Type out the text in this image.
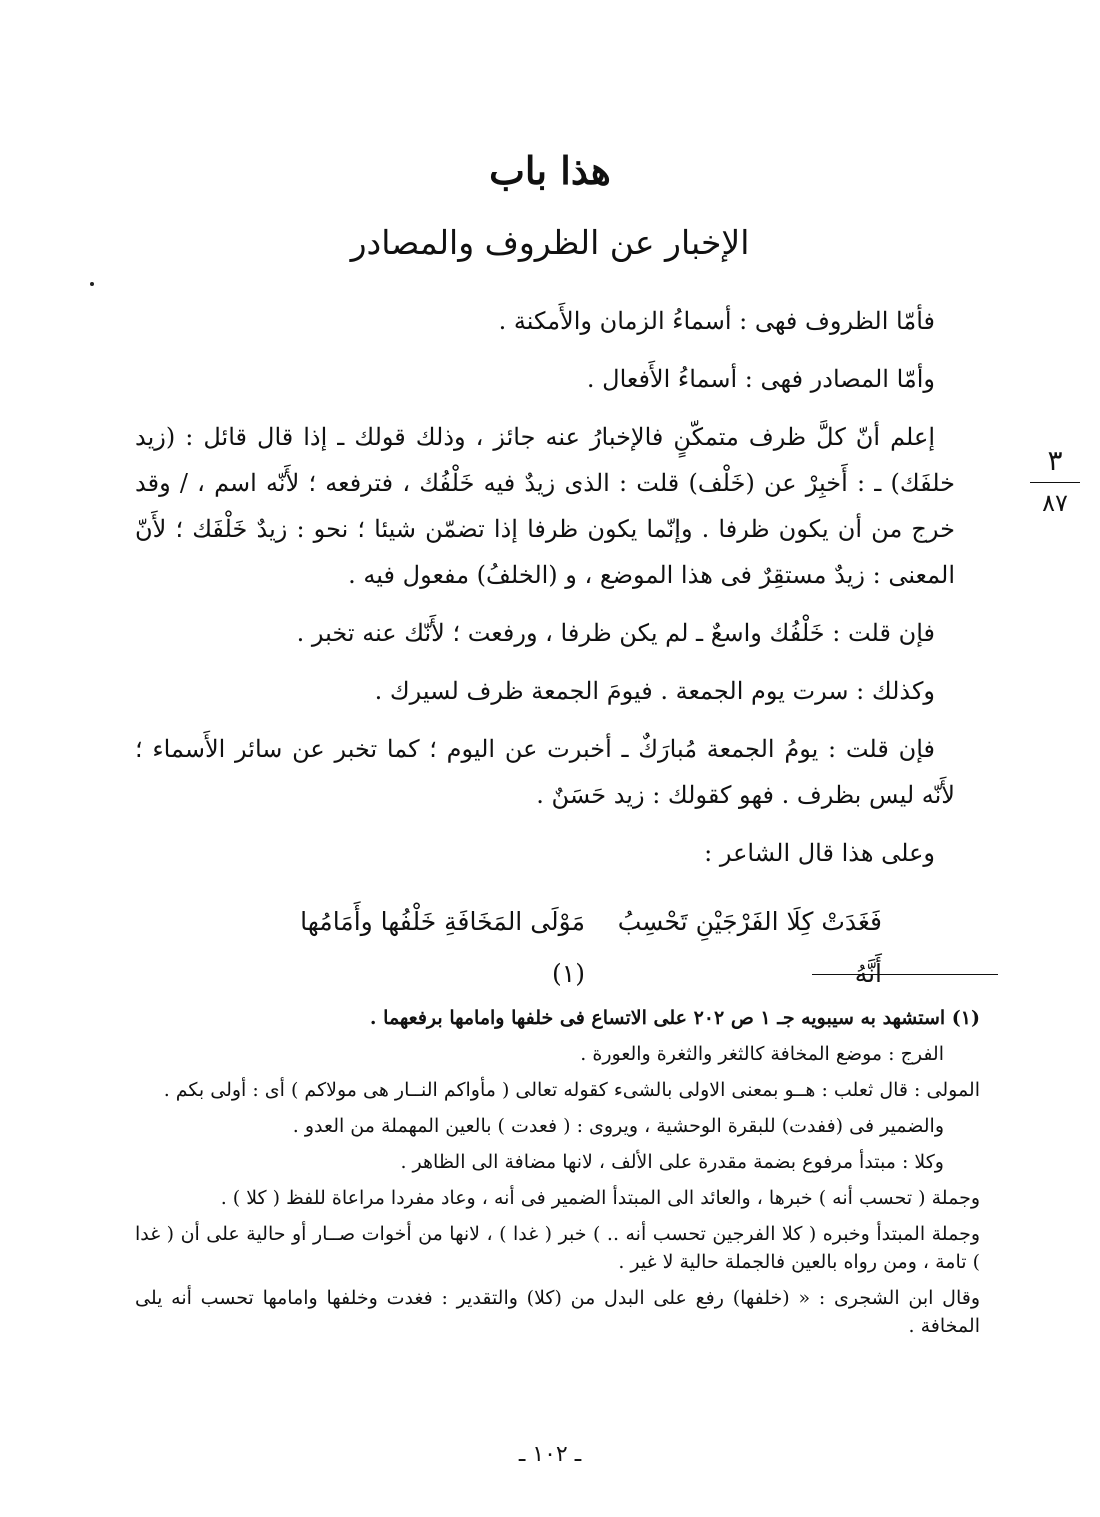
هذا باب
الإخبار عن الظروف والمصادر
٣
٨٧

فأمّا الظروف فهى : أسماءُ الزمان والأَمكنة .

وأمّا المصادر فهى : أسماءُ الأَفعال .

إعلم أنّ كلَّ ظرف متمكّنٍ فالإخبارُ عنه جائز ، وذلك قولك ـ إذا قال قائل : (زيد خلفَك) ـ : أَخبِرْ عن (خَلْف) قلت : الذى زيدٌ فيه خَلْفُك ، فترفعه ؛ لأَنّه اسم ، / وقد خرج من أن يكون ظرفا . وإنّما يكون ظرفا إذا تضمّن شيئا ؛ نحو : زيدٌ خَلْفَك ؛ لأَنّ المعنى : زيدٌ مستقِرٌ فى هذا الموضع ، و (الخلفُ) مفعول فيه .

فإن قلت : خَلْفُك واسعٌ ـ لم يكن ظرفا ، ورفعت ؛ لأَنّك عنه تخبر .

وكذلك : سرت يوم الجمعة . فيومَ الجمعة ظرف لسيرك .

فإن قلت : يومُ الجمعة مُبارَكٌ ـ أخبرت عن اليوم ؛ كما تخبر عن سائر الأَسماء ؛ لأَنّه ليس بظرف . فهو كقولك : زيد حَسَنٌ .

وعلى هذا قال الشاعر :

فَغَدَتْ كِلَا الفَرْجَيْنِ تَحْسِبُ أَنَّهُ
مَوْلَى المَخَافَةِ خَلْفُها وأَمَامُها (١)

(١) استشهد به سيبويه جـ ١ ص ٢٠٢ على الاتساع فى خلفها وامامها برفعهما .

الفرج : موضع المخافة كالثغر والثغرة والعورة .

المولى : قال ثعلب : هــو بمعنى الاولى بالشىء كقوله تعالى ( مأواكم النــار هى مولاكم ) أى : أولى بكم .

والضمير فى (ففدت) للبقرة الوحشية ، ويروى : ( فعدت ) بالعين المهملة من العدو .

وكلا : مبتدأ مرفوع بضمة مقدرة على الألف ، لانها مضافة الى الظاهر .

وجملة ( تحسب أنه ) خبرها ، والعائد الى المبتدأ الضمير فى أنه ، وعاد مفردا مراعاة للفظ ( كلا ) .

وجملة المبتدأ وخبره ( كلا الفرجين تحسب أنه .. ) خبر ( غدا ) ، لانها من أخوات صــار أو حالية على أن ( غدا ) تامة ، ومن رواه بالعين فالجملة حالية لا غير .

وقال ابن الشجرى : « (خلفها) رفع على البدل من (كلا) والتقدير : فغدت وخلفها وامامها تحسب أنه يلى المخافة .

ـ ١٠٢ ـ
